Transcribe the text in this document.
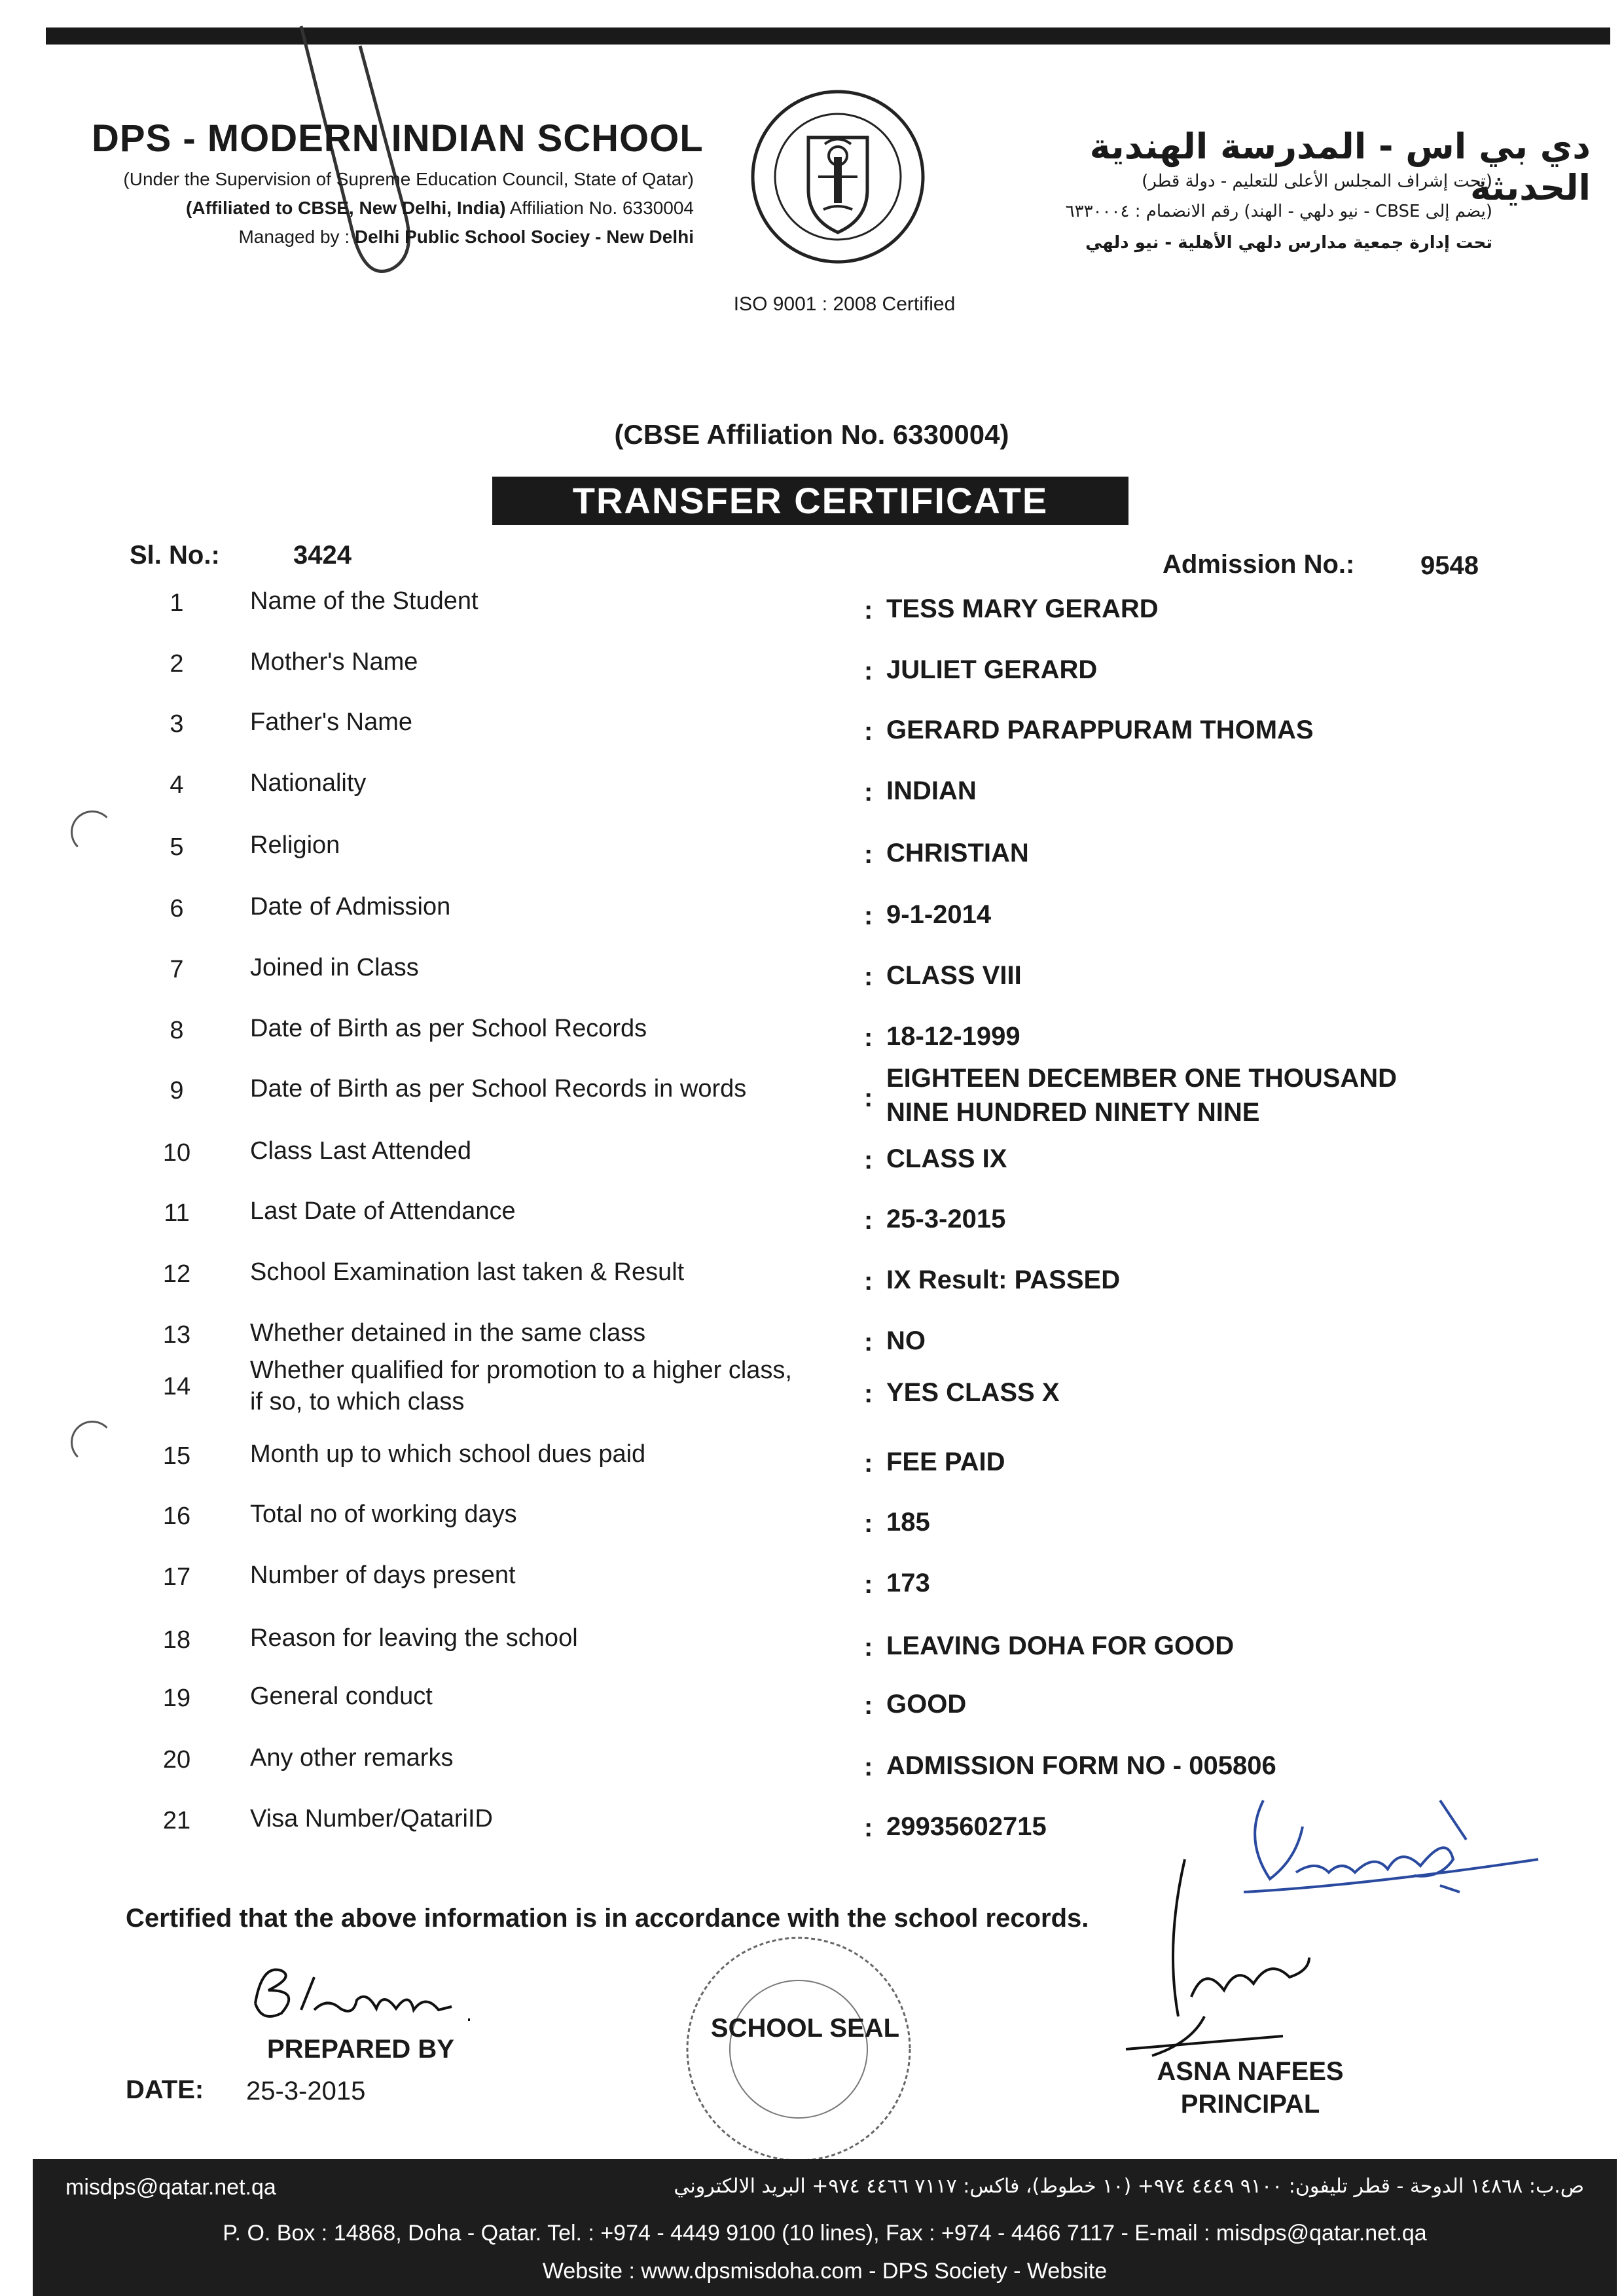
DPS - MODERN INDIAN SCHOOL
(Under the Supervision of Supreme Education Council, State of Qatar)
(Affiliated to CBSE, New Delhi, India) Affiliation No. 6330004
Managed by : Delhi Public School Sociey - New Delhi
ISO 9001 : 2008 Certified
دي بي اس - المدرسة الهندية الحديثة
(تحت إشراف المجلس الأعلى للتعليم - دولة قطر)
(يضم إلى CBSE - نيو دلهي - الهند) رقم الانضمام : ٦٣٣٠٠٠٤
تحت إدارة جمعية مدارس دلهي الأهلية - نيو دلهي
(CBSE Affiliation No. 6330004)
TRANSFER CERTIFICATE
Sl. No.:	3424	Admission No.:	9548
1	Name of the Student	: TESS MARY GERARD
2	Mother's Name	: JULIET GERARD
3	Father's Name	: GERARD PARAPPURAM THOMAS
4	Nationality	: INDIAN
5	Religion	: CHRISTIAN
6	Date of Admission	: 9-1-2014
7	Joined in Class	: CLASS VIII
8	Date of Birth as per School Records	: 18-12-1999
9	Date of Birth as per School Records in words	:
EIGHTEEN DECEMBER ONE THOUSAND
NINE HUNDRED NINETY NINE
10 Class Last Attended	: CLASS IX
11 Last Date of Attendance	: 25-3-2015
12 School Examination last taken & Result	: IX Result: PASSED
13 Whether detained in the same class	: NO
14
Whether qualified for promotion to a higher class,
if so, to which class	: YES CLASS X
15 Month up to which school dues paid	: FEE PAID
16 Total no of working days	: 185
17 Number of days present	: 173
18 Reason for leaving the school	: LEAVING DOHA FOR GOOD
19 General conduct	: GOOD
20 Any other remarks	: ADMISSION FORM NO - 005806
21 Visa Number/QatariID	: 29935602715
Certified that the above information is in accordance with the school records.
PREPARED BY
DATE: 25-3-2015
SCHOOL SEAL
ASNA NAFEES
PRINCIPAL
misdps@qatar.net.qa	ص.ب: ١٤٨٦٨ الدوحة - قطر تليفون: ٩١٠٠ ٤٤٤٩ ٩٧٤+ (١٠ خطوط)، فاكس: ٧١١٧ ٤٤٦٦ ٩٧٤+ البريد الالكتروني
P. O. Box : 14868, Doha - Qatar. Tel. : +974 - 4449 9100 (10 lines), Fax : +974 - 4466 7117 - E-mail : misdps@qatar.net.qa
Website : www.dpsmisdoha.com - DPS Society - Website
